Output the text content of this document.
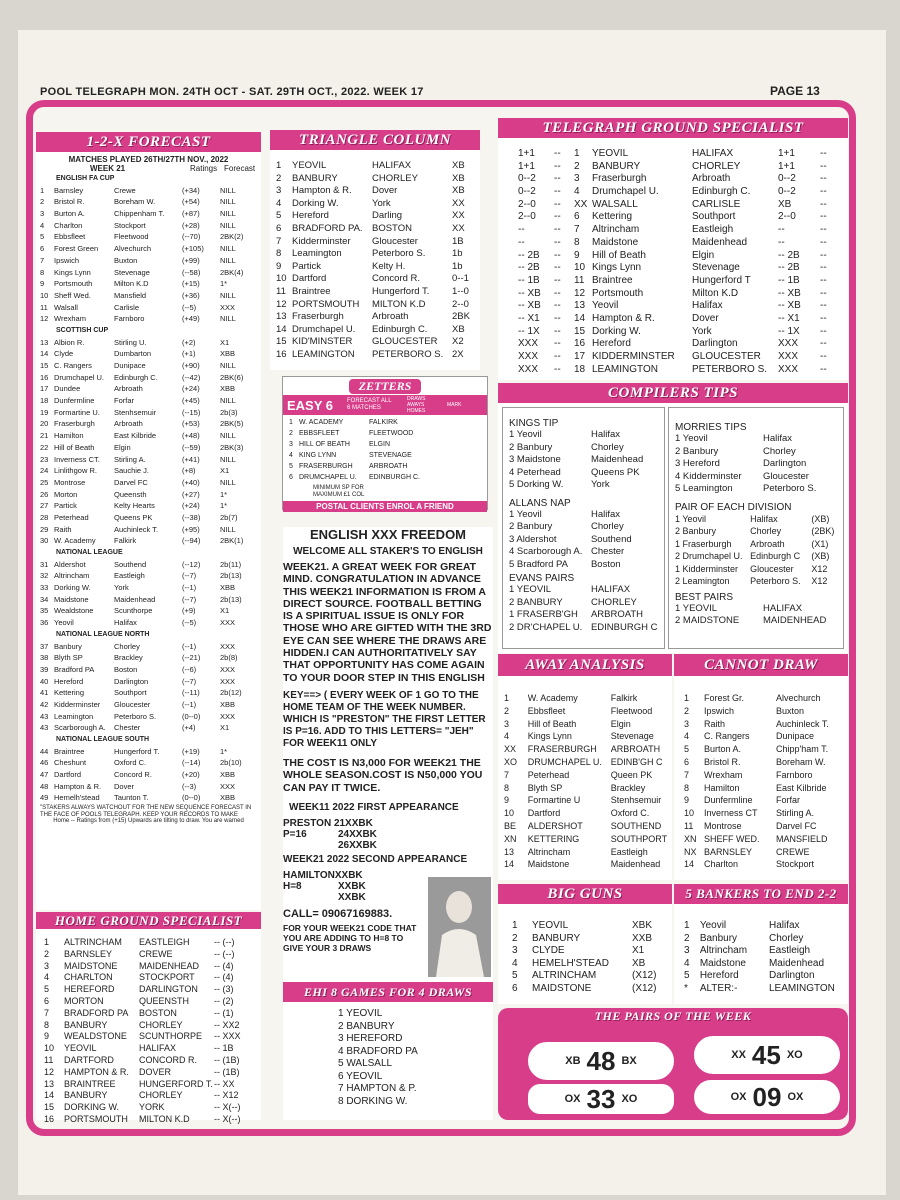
POOL TELEGRAPH MON. 24TH OCT - SAT. 29TH OCT., 2022. WEEK 17	PAGE 13
1-2-X FORECAST
MATCHES PLAYED 26TH/27TH NOV., 2022
WEEK 21	Ratings Forecast
ENGLISH FA CUP
1	Barnsley	Crewe	(+34)	NILL
2	Bristol R.	Boreham W.	(+54)	NILL
3	Burton A.	Chippenham T.	(+87)	NILL
4	Charlton	Stockport	(+28)	NILL
5	Ebbsfleet	Fleetwood	(--70)	2BK(2)
6	Forest Green	Alvechurch	(+105)	NILL
7	Ipswich	Buxton	(+99)	NILL
8	Kings Lynn	Stevenage	(--58)	2BK(4)
9	Portsmouth	Milton K.D	(+15)	1*
10 Sheff Wed.	Mansfield	(+36)	NILL
11 Walsall	Carlisle	(--5)	XXX
12 Wrexham	Farnboro	(+49)	NILL
SCOTTISH CUP
13 Albion R.	Stirling U.	(+2)	X1
14 Clyde	Dumbarton	(+1)	XBB
15 C. Rangers	Dunipace	(+90)	NILL
16 Drumchapel U.	Edinburgh C.	(--42)	2BK(6)
17 Dundee	Arbroath	(+24)	XBB
18 Dunfermline	Forfar	(+45)	NILL
19 Formartine U.	Stenhsemuir	(--15)	2b(3)
20 Fraserburgh	Arbroath	(+53)	2BK(5)
21 Hamilton	East Kilbride	(+48)	NILL
22 Hill of Beath	Elgin	(--59)	2BK(3)
23 Inverness CT.	Stirling A.	(+41)	NILL
24 Linlithgow R.	Sauchie J.	(+8)	X1
25 Montrose	Darvel FC	(+40)	NILL
26 Morton	Queensth	(+27)	1*
27 Partick	Kelty Hearts	(+24)	1*
28 Peterhead	Queens PK	(--38)	2b(7)
29 Raith	Auchinleck T.	(+95)	NILL
30 W. Academy	Falkirk	(--94)	2BK(1)
NATIONAL LEAGUE
31 Aldershot	Southend	(--12)	2b(11)
32 Altrincham	Eastleigh	(--7)	2b(13)
33 Dorking W.	York	(--1)	XBB
34 Maidstone	Maidenhead	(--7)	2b(13)
35 Wealdstone	Scunthorpe	(+9)	X1
36 Yeovil	Halifax	(--5)	XXX
NATIONAL LEAGUE NORTH
37 Banbury	Chorley	(--1)	XXX
38 Blyth SP	Brackley	(--21)	2b(8)
39 Bradford PA	Boston	(--6)	XXX
40 Hereford	Darlington	(--7)	XXX
41 Kettering	Southport	(--11)	2b(12)
42 Kidderminster	Gloucester	(--1)	XBB
43 Leamington	Peterboro S.	(0--0)	XXX
43 Scarborough A.	Chester	(+4)	X1
NATIONAL LEAGUE SOUTH
44 Braintree	Hungerford T.	(+19)	1*
46 Cheshunt	Oxford C.	(--14)	2b(10)
47 Dartford	Concord R.	(+20)	XBB
48 Hampton & R.	Dover	(--3)	XXX
49 Hemelh'stead	Taunton T.	(0--0)	XBB
"STAKERS ALWAYS WATCHOUT FOR THE NEW SEQUENCE FORECAST IN THE FACE OF POOLS TELEGRAPH. KEEP YOUR RECORDS TO MAKE
Home -- Ratings from (+15) Upwards are tilting to draw. You are warned
HOME GROUND SPECIALIST
1	ALTRINCHAM	EASTLEIGH	-- (--)
2	BARNSLEY	CREWE	-- (--)
3	MAIDSTONE	MAIDENHEAD	-- (4)
4	CHARLTON	STOCKPORT	-- (4)
5	HEREFORD	DARLINGTON	-- (3)
6	MORTON	QUEENSTH	-- (2)
7	BRADFORD PA	BOSTON	-- (1)
8	BANBURY	CHORLEY	-- XX2
9	WEALDSTONE	SCUNTHORPE	-- XXX
10	YEOVIL	HALIFAX	-- 1B
11	DARTFORD	CONCORD R.	-- (1B)
12	HAMPTON & R.	DOVER	-- (1B)
13	BRAINTREE	HUNGERFORD T. -- XX
14	BANBURY	CHORLEY	-- X12
15	DORKING W.	YORK	-- X(--)
16	PORTSMOUTH	MILTON K.D	-- X(--)
TRIANGLE COLUMN
1	YEOVIL	HALIFAX	XB
2	BANBURY	CHORLEY	XB
3	Hampton & R.	Dover	XB
4	Dorking W.	York	XX
5	Hereford	Darling	XX
6	BRADFORD PA. BOSTON	XX
7	Kidderminster	Gloucester	1B
8	Leamington	Peterboro S.	1b
9	Partick	Kelty H.	1b
10 Dartford	Concord R.	0--1
11 Braintree	Hungerford T.	1--0
12 PORTSMOUTH	MILTON K.D	2--0
13 Fraserburgh	Arbroath	2BK
14 Drumchapel U.	Edinburgh C.	XB
15 KID'MINSTER	GLOUCESTER	X2
16 LEAMINGTON	PETERBORO S. 2X
ZETTERS
EASY 6	FORECAST ALL
6 MATCHES
DRAWS
AWAYS
HOMES
MARK
1 W. ACADEMY	FALKIRK
2 EBBSFLEET	FLEETWOOD
3 HILL OF BEATH	ELGIN
4 KING LYNN	STEVENAGE
5 FRASERBURGH	ARBROATH
6 DRUMCHAPEL U.	EDINBURGH C.
MINIMUM SP FOR
MAXIMUM £1 COL
POSTAL CLIENTS ENROL A FRIEND
ENGLISH XXX FREEDOM
WELCOME ALL STAKER'S TO ENGLISH
WEEK21. A GREAT WEEK FOR GREAT MIND. CONGRATULATION IN ADVANCE THIS WEEK21 INFORMATION IS FROM A DIRECT SOURCE. FOOTBALL BETTING IS A SPIRITUAL ISSUE IS ONLY FOR THOSE WHO ARE GIFTED WITH THE 3RD EYE CAN SEE WHERE THE DRAWS ARE HIDDEN.I CAN AUTHORITATIVELY SAY THAT OPPORTUNITY HAS COME AGAIN TO YOUR DOOR STEP IN THIS ENGLISH
KEY==> ( EVERY WEEK OF 1 GO TO THE HOME TEAM OF THE WEEK NUMBER. WHICH IS "PRESTON" THE FIRST LETTER IS P=16. ADD TO THIS LETTERS= "JEH" FOR WEEK11 ONLY
THE COST IS N3,000 FOR WEEK21 THE WHOLE SEASON.COST IS N50,000 YOU CAN PAY IT TWICE.
WEEK11 2022 FIRST APPEARANCE
PRESTON 21XXBK
P=16	24XXBK
26XXBK
WEEK21 2022 SECOND APPEARANCE
HAMILTON XXBK
H=8	XXBK
XXBK
CALL= 09067169883.
FOR YOUR WEEK21 CODE THAT YOU ARE ADDING TO H=8 TO GIVE YOUR 3 DRAWS
EHI 8 GAMES FOR 4 DRAWS
1 YEOVIL
2 BANBURY
3 HEREFORD
4 BRADFORD PA
5 WALSALL
6 YEOVIL
7 HAMPTON & P.
8 DORKING W.
TELEGRAPH GROUND SPECIALIST
1+1	--	1	YEOVIL	HALIFAX	1+1	--
1+1	--	2	BANBURY	CHORLEY	1+1	--
0--2	--	3	Fraserburgh	Arbroath	0--2	--
0--2	--	4	Drumchapel U.	Edinburgh C.	0--2	--
2--0	--	XX WALSALL	CARLISLE	XB	--
2--0	--	6	Kettering	Southport	2--0	--
--	--	7	Altrincham	Eastleigh	--	--
--	--	8	Maidstone	Maidenhead	--	--
-- 2B	--	9	Hill of Beath	Elgin	-- 2B	--
-- 2B	--	10 Kings Lynn	Stevenage	-- 2B	--
-- 1B	--	11 Braintree	Hungerford T	-- 1B	--
-- XB	--	12 Portsmouth	Milton K.D	-- XB	--
-- XB	--	13 Yeovil	Halifax	-- XB	--
-- X1	--	14 Hampton & R.	Dover	-- X1	--
-- 1X	--	15 Dorking W.	York	-- 1X	--
XXX	--	16 Hereford	Darlington	XXX	--
XXX	--	17 KIDDERMINSTER	GLOUCESTER	XXX	--
XXX	--	18 LEAMINGTON	PETERBORO S.	XXX	--
COMPILERS TIPS
KINGS TIP
1 Yeovil	Halifax
2 Banbury	Chorley
3 Maidstone	Maidenhead
4 Peterhead	Queens PK
5 Dorking W.	York
ALLANS NAP
1 Yeovil	Halifax
2 Banbury	Chorley
3 Aldershot	Southend
4 Scarborough A. Chester
5 Bradford PA	Boston
EVANS PAIRS
1 YEOVIL	HALIFAX
2 BANBURY	CHORLEY
1 FRASERB'GH	ARBROATH
2 DR'CHAPEL U. EDINBURGH C
MORRIES TIPS
1 Yeovil	Halifax
2 Banbury	Chorley
3 Hereford	Darlington
4 Kidderminster	Gloucester
5 Leamington	Peterboro S.
PAIR OF EACH DIVISION
1 Yeovil	Halifax	(XB)
2 Banbury	Chorley	(2BK)
1 Fraserburgh	Arbroath	(X1)
2 Drumchapel U. Edinburgh C	(XB)
1 Kidderminster	Gloucester	X12
2 Leamington	Peterboro S.	X12
BEST PAIRS
1 YEOVIL	HALIFAX
2 MAIDSTONE	MAIDENHEAD
AWAY ANALYSIS
1	W. Academy	Falkirk
2	Ebbsfleet	Fleetwood
3	Hill of Beath	Elgin
4	Kings Lynn	Stevenage
XX	FRASERBURGH	ARBROATH
XO	DRUMCHAPEL U. EDINB'GH C
7	Peterhead	Queen PK
8	Blyth SP	Brackley
9	Formartine U	Stenhsemuir
10	Dartford	Oxford C.
BE	ALDERSHOT	SOUTHEND
XN	KETTERING	SOUTHPORT
13	Altrincham	Eastleigh
14	Maidstone	Maidenhead
CANNOT DRAW
1	Forest Gr.	Alvechurch
2	Ipswich	Buxton
3	Raith	Auchinleck T.
4	C. Rangers	Dunipace
5	Burton A.	Chipp'ham T.
6	Bristol R.	Boreham W.
7	Wrexham	Farnboro
8	Hamilton	East Kilbride
9	Dunfermline	Forfar
10	Inverness CT	Stirling A.
11	Montrose	Darvel FC
XN SHEFF WED.	MANSFIELD
NX BARNSLEY	CREWE
14	Charlton	Stockport
BIG GUNS
1	YEOVIL	XBK
2	BANBURY	XXB
3	CLYDE	X1
4	HEMELH'STEAD	XB
5	ALTRINCHAM	(X12)
6	MAIDSTONE	(X12)
5 BANKERS TO END 2-2
1	Yeovil	Halifax
2	Banbury	Chorley
3	Altrincham	Eastleigh
4	Maidstone	Maidenhead
5	Hereford	Darlington
*	ALTER:-	LEAMINGTON
THE PAIRS OF THE WEEK
XB 48 BX	XX 45 XO
OX 33 XO	OX 09 OX
